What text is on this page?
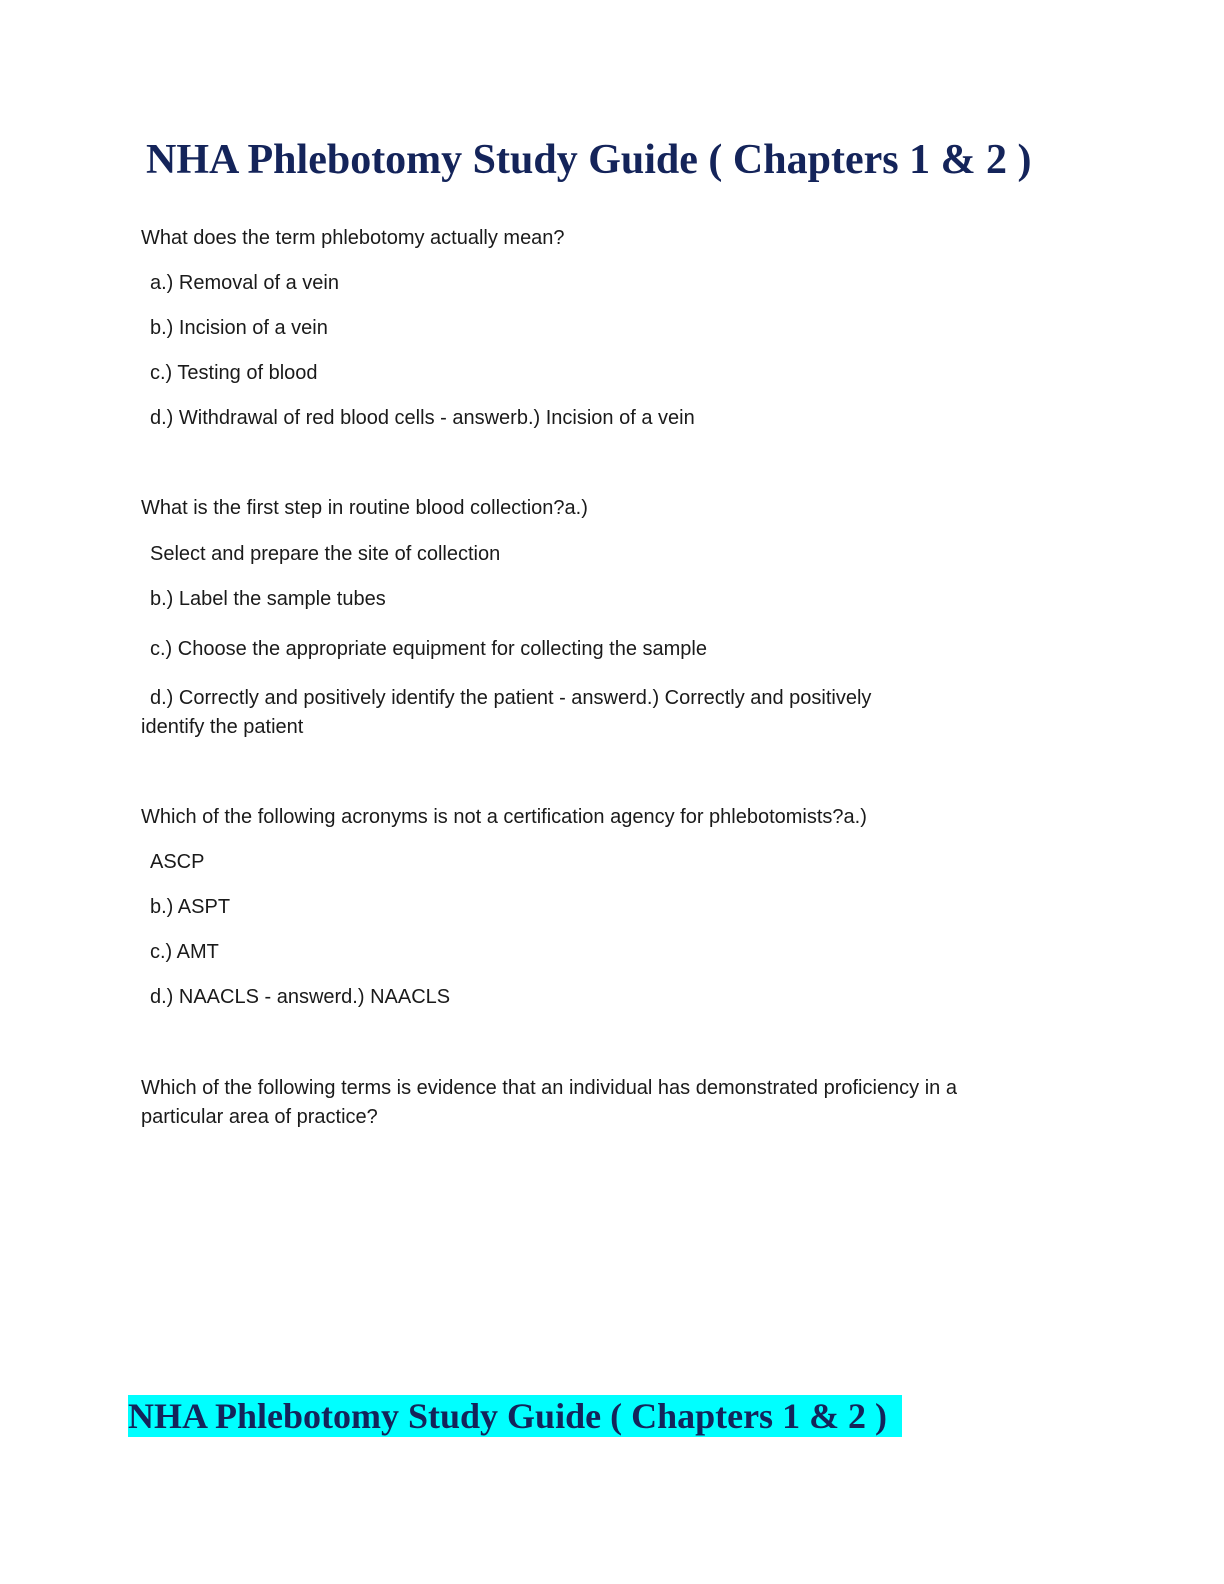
NHA Phlebotomy Study Guide ( Chapters 1 & 2 )

What does the term phlebotomy actually mean?

a.) Removal of a vein

b.) Incision of a vein

c.) Testing of blood

d.) Withdrawal of red blood cells - answerb.) Incision of a vein

What is the first step in routine blood collection?a.)

Select and prepare the site of collection

b.) Label the sample tubes

c.) Choose the appropriate equipment for collecting the sample

d.) Correctly and positively identify the patient - answerd.) Correctly and positively

identify the patient

Which of the following acronyms is not a certification agency for phlebotomists?a.)

ASCP

b.) ASPT

c.) AMT

d.) NAACLS - answerd.) NAACLS

Which of the following terms is evidence that an individual has demonstrated proficiency in a

particular area of practice?

NHA Phlebotomy Study Guide ( Chapters 1 & 2 )
